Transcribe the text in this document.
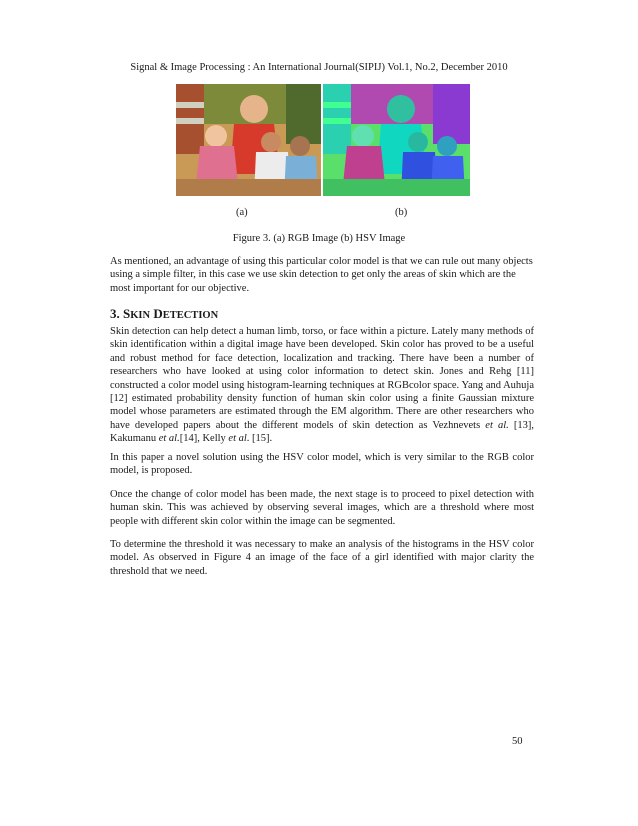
Signal & Image Processing : An International Journal(SIPIJ) Vol.1, No.2, December 2010
(a)	(b)
Figure 3. (a) RGB Image (b) HSV Image

As mentioned, an advantage of using this particular color model is that we can rule out many objects using a simple filter, in this case we use skin detection to get only the areas of skin which are the most important for our objective.

3. SKIN DETECTION

Skin detection can help detect a human limb, torso, or face within a picture. Lately many methods of skin identification within a digital image have been developed. Skin color has proved to be a useful and robust method for face detection, localization and tracking. There have been a number of researchers who have looked at using color information to detect skin. Jones and Rehg [11] constructed a color model using histogram-learning techniques at RGBcolor space. Yang and Auhuja [12] estimated probability density function of human skin color using a finite Gaussian mixture model whose parameters are estimated through the EM algorithm. There are other researchers who have developed papers about the different models of skin detection as Vezhnevets et al. [13], Kakumanu et al.[14], Kelly et al. [15].

In this paper a novel solution using the HSV color model, which is very similar to the RGB color model, is proposed.

Once the change of color model has been made, the next stage is to proceed to pixel detection with human skin. This was achieved by observing several images, which are a threshold where most people with different skin color within the image can be segmented.

To determine the threshold it was necessary to make an analysis of the histograms in the HSV color model. As observed in Figure 4 an image of the face of a girl identified with major clarity the threshold that we need.

50
